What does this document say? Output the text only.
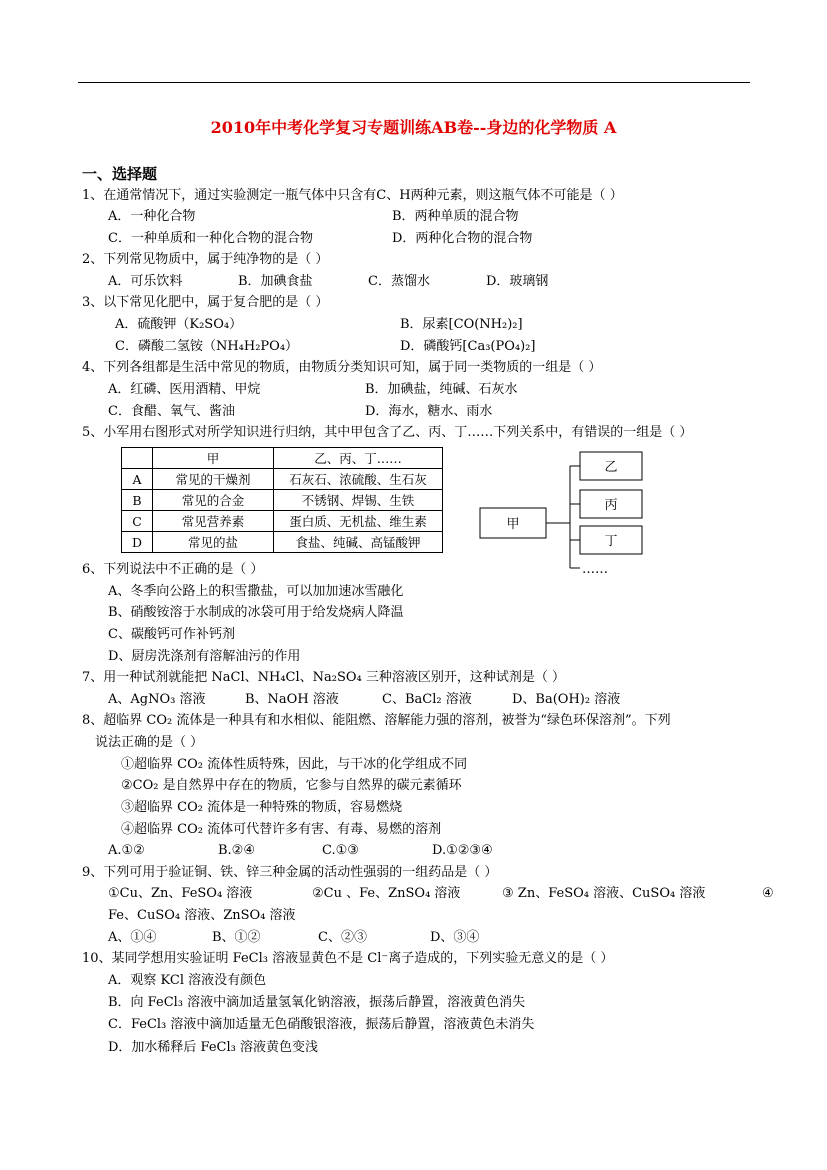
2010年中考化学复习专题训练AB卷--身边的化学物质 A
一、选择题
1、在通常情况下，通过实验测定一瓶气体中只含有C、H两种元素，则这瓶气体不可能是（ ）
A．一种化合物	B．两种单质的混合物
C．一种单质和一种化合物的混合物	D．两种化合物的混合物
2、下列常见物质中，属于纯净物的是（ ）
A．可乐饮料	B．加碘食盐	C．蒸馏水	D．玻璃钢
3、以下常见化肥中，属于复合肥的是（ ）
A．硫酸钾（K₂SO₄）	B．尿素[CO(NH₂)₂]
C．磷酸二氢铵（NH₄H₂PO₄）	D．磷酸钙[Ca₃(PO₄)₂]
4、下列各组都是生活中常见的物质，由物质分类知识可知，属于同一类物质的一组是（ ）
A．红磷、医用酒精、甲烷	B．加碘盐，纯碱、石灰水
C．食醋、氧气、酱油	D．海水，糖水、雨水
5、小军用右图形式对所学知识进行归纳，其中甲包含了乙、丙、丁……下列关系中，有错误的一组是（ ）
	甲	乙、丙、丁……
A	常见的干燥剂	石灰石、浓硫酸、生石灰
B	常见的合金	不锈钢、焊锡、生铁
C	常见营养素	蛋白质、无机盐、维生素
D	常见的盐	食盐、纯碱、高锰酸钾
甲
乙
丙
丁
……
6、下列说法中不正确的是（ ）
A、冬季向公路上的积雪撒盐，可以加加速冰雪融化
B、硝酸铵溶于水制成的冰袋可用于给发烧病人降温
C、碳酸钙可作补钙剂
D、厨房洗涤剂有溶解油污的作用
7、用一种试剂就能把 NaCl、NH₄Cl、Na₂SO₄ 三种溶液区别开，这种试剂是（ ）
A、AgNO₃ 溶液	B、NaOH 溶液	C、BaCl₂ 溶液	D、Ba(OH)₂ 溶液
8、超临界 CO₂ 流体是一种具有和水相似、能阻燃、溶解能力强的溶剂，被誉为“绿色环保溶剂”。下列
说法正确的是（ ）
①超临界 CO₂ 流体性质特殊，因此，与干冰的化学组成不同
②CO₂ 是自然界中存在的物质，它参与自然界的碳元素循环
③超临界 CO₂ 流体是一种特殊的物质，容易燃烧
④超临界 CO₂ 流体可代替许多有害、有毒、易燃的溶剂
A.①②	B.②④	C.①③	D.①②③④
9、下列可用于验证铜、铁、锌三种金属的活动性强弱的一组药品是（ ）
①Cu、Zn、FeSO₄ 溶液	②Cu 、Fe、ZnSO₄ 溶液	③ Zn、FeSO₄ 溶液、CuSO₄ 溶液	④
Fe、CuSO₄ 溶液、ZnSO₄ 溶液
A、①④	B、①②	C、②③	D、③④
10、某同学想用实验证明 FeCl₃ 溶液显黄色不是 Cl⁻离子造成的，下列实验无意义的是（ ）
A．观察 KCl 溶液没有颜色
B．向 FeCl₃ 溶液中滴加适量氢氧化钠溶液，振荡后静置，溶液黄色消失
C．FeCl₃ 溶液中滴加适量无色硝酸银溶液，振荡后静置，溶液黄色未消失
D．加水稀释后 FeCl₃ 溶液黄色变浅
